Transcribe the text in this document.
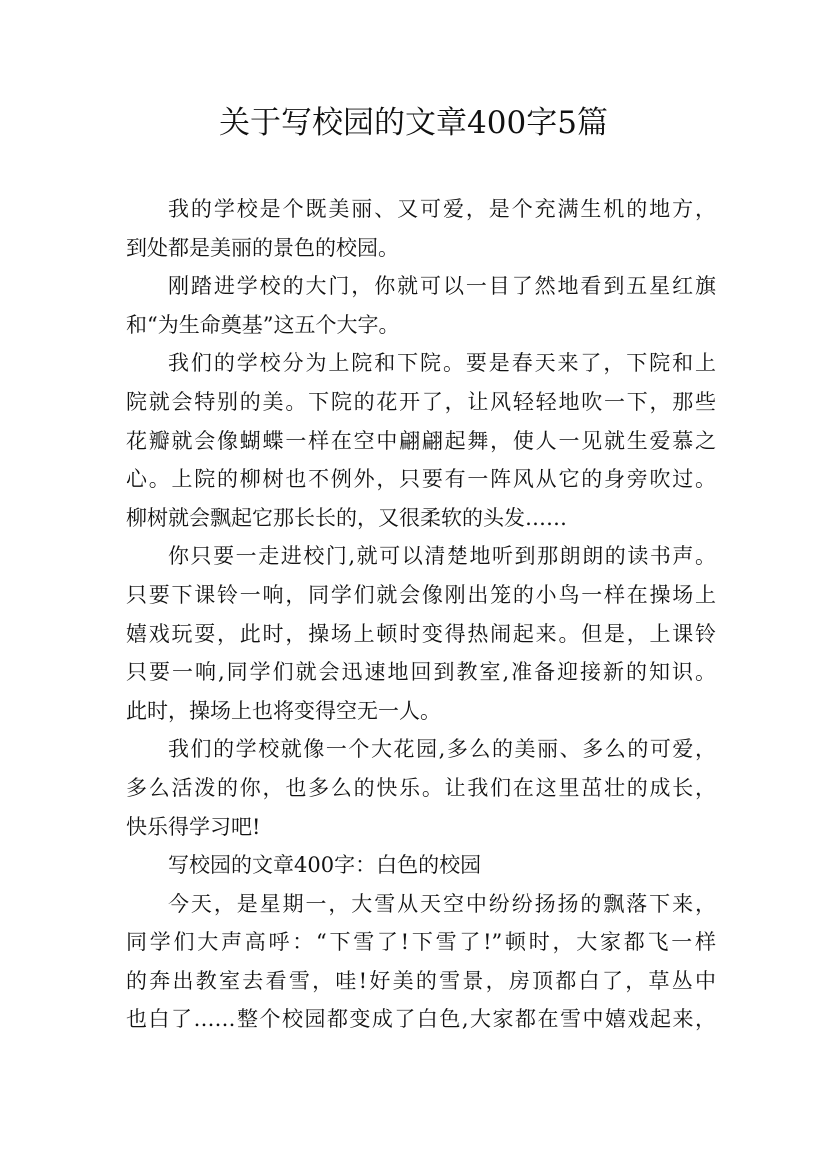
关于写校园的文章400字5篇
我的学校是个既美丽、又可爱，是个充满生机的地方，
到处都是美丽的景色的校园。
刚踏进学校的大门，你就可以一目了然地看到五星红旗
和“为生命奠基”这五个大字。
我们的学校分为上院和下院。要是春天来了，下院和上
院就会特别的美。下院的花开了，让风轻轻地吹一下，那些
花瓣就会像蝴蝶一样在空中翩翩起舞，使人一见就生爱慕之
心。上院的柳树也不例外，只要有一阵风从它的身旁吹过。
柳树就会飘起它那长长的，又很柔软的头发……
你只要一走进校门,就可以清楚地听到那朗朗的读书声。
只要下课铃一响，同学们就会像刚出笼的小鸟一样在操场上
嬉戏玩耍，此时，操场上顿时变得热闹起来。但是，上课铃
只要一响,同学们就会迅速地回到教室,准备迎接新的知识。
此时，操场上也将变得空无一人。
我们的学校就像一个大花园,多么的美丽、多么的可爱，
多么活泼的你，也多么的快乐。让我们在这里茁壮的成长，
快乐得学习吧!
写校园的文章400字：白色的校园
今天，是星期一，大雪从天空中纷纷扬扬的飘落下来，
同学们大声高呼：“下雪了!下雪了!”顿时，大家都飞一样
的奔出教室去看雪，哇!好美的雪景，房顶都白了，草丛中
也白了……整个校园都变成了白色,大家都在雪中嬉戏起来，
